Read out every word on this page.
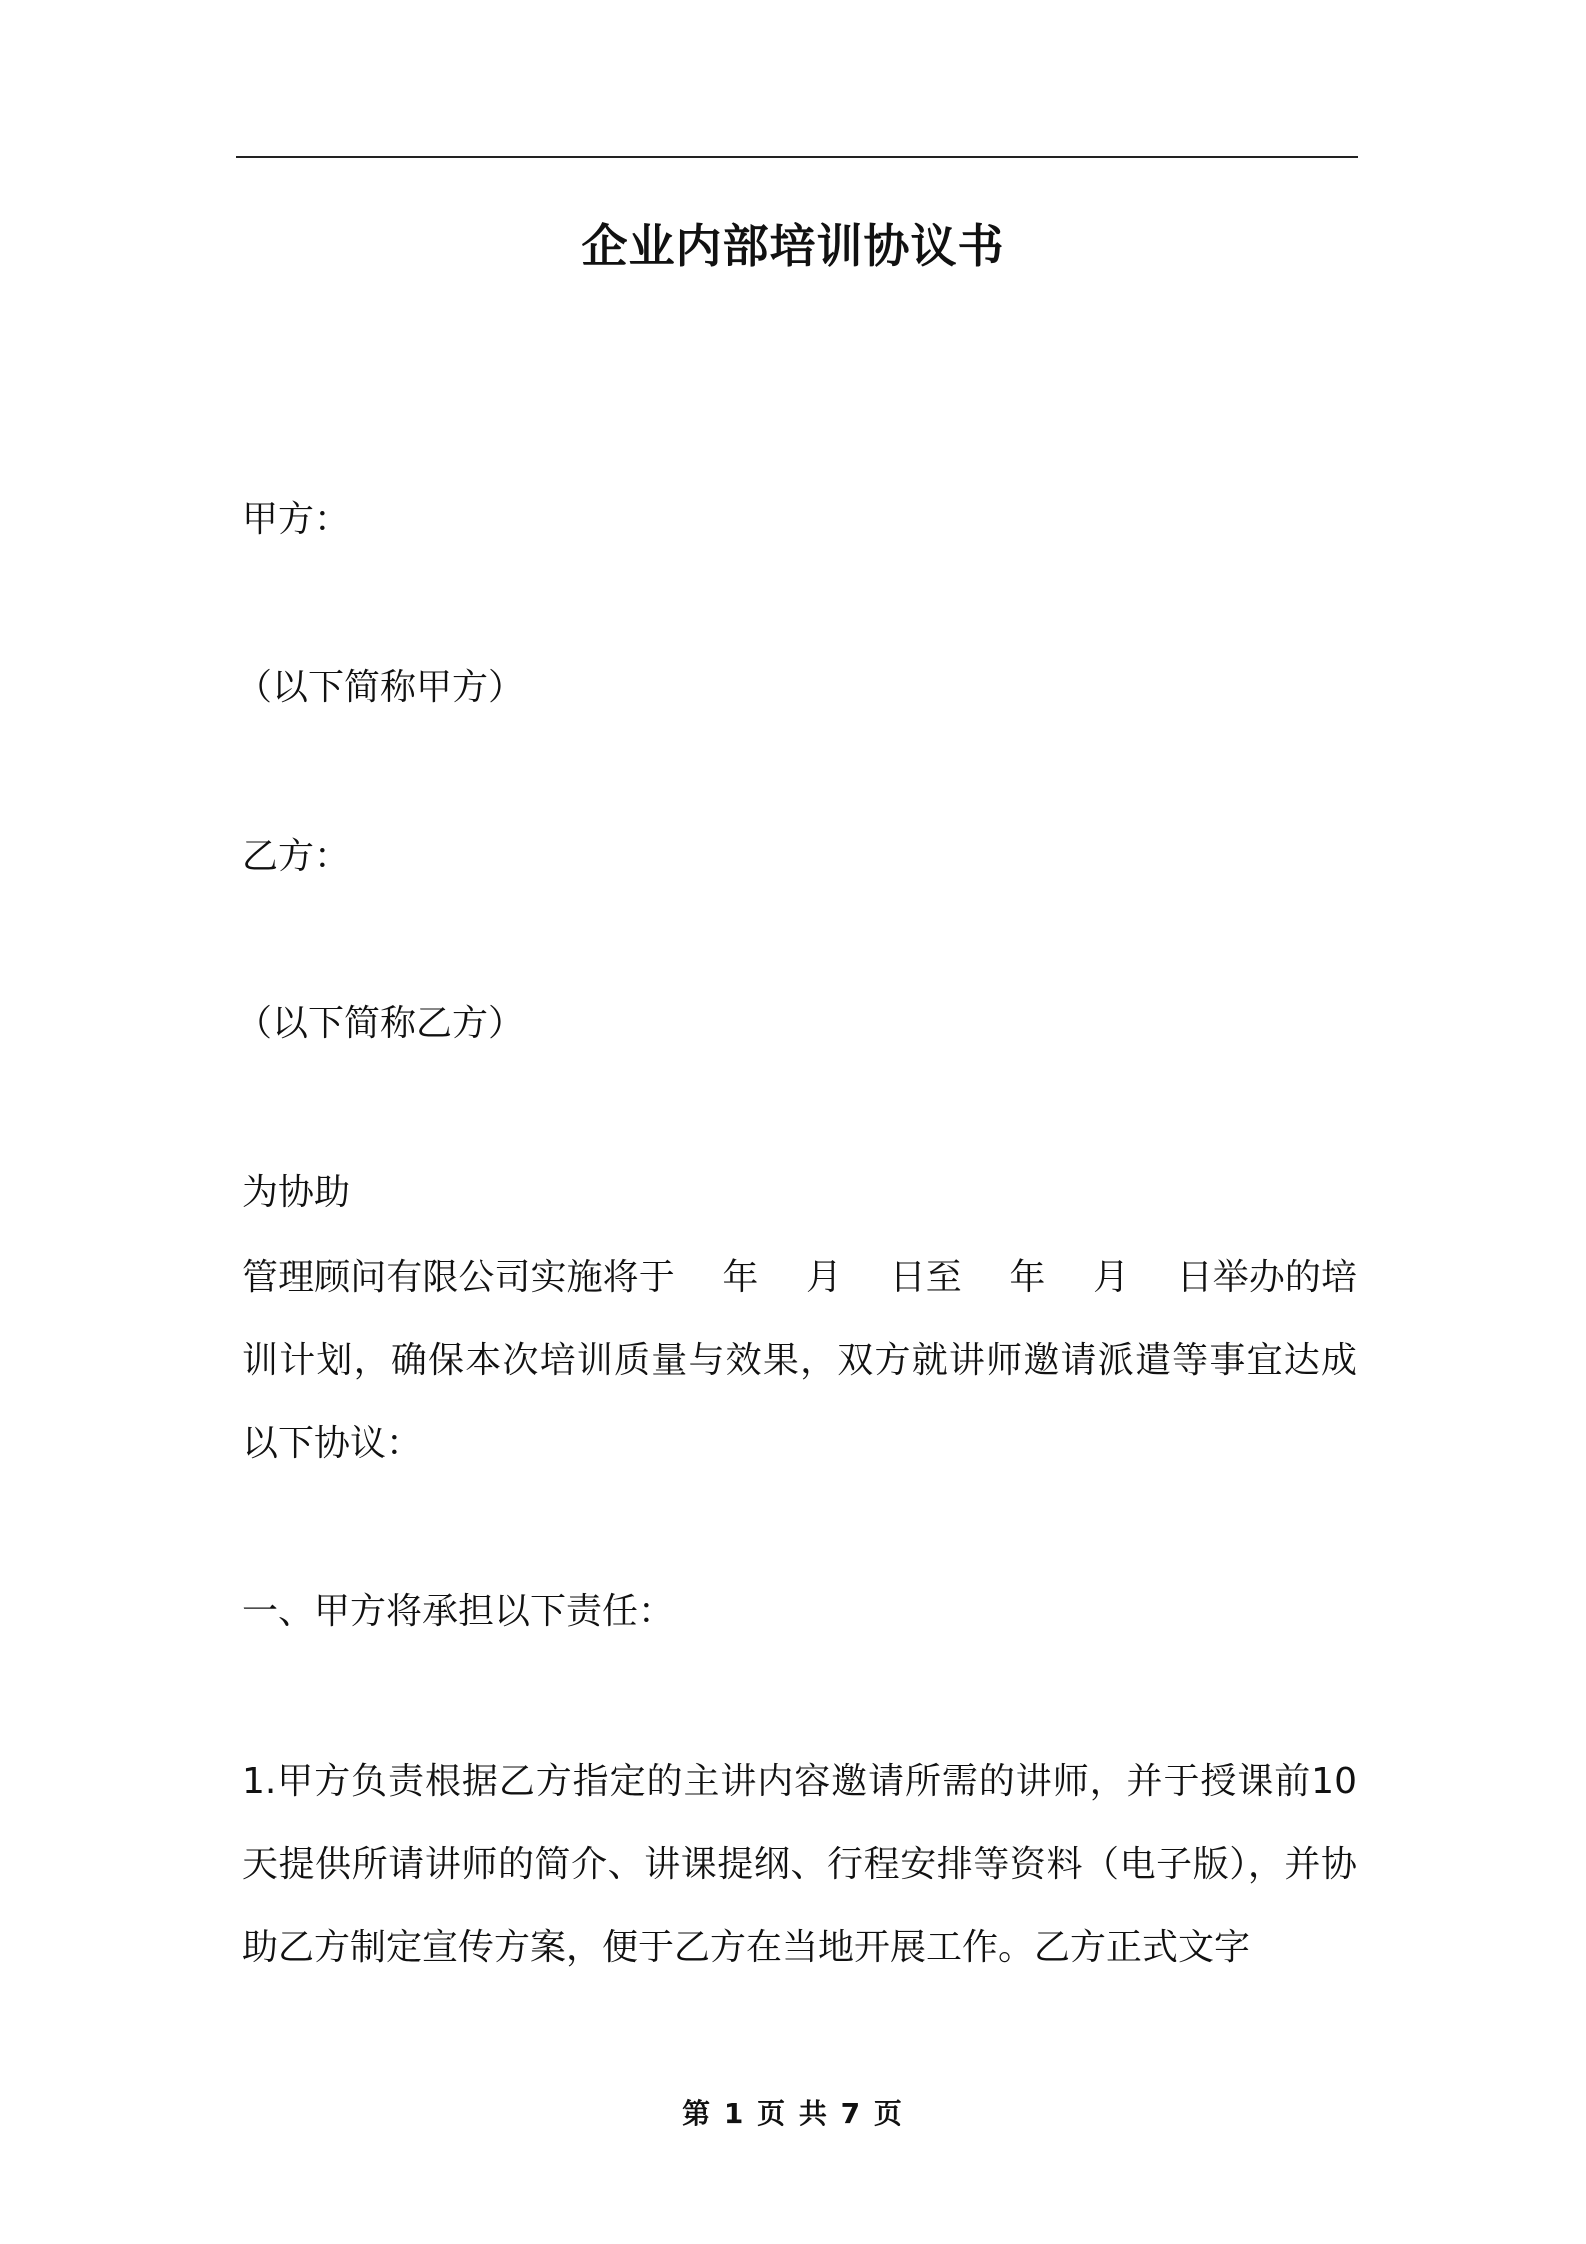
企业内部培训协议书
甲方：
（以下简称甲方）
乙方：
（以下简称乙方）
为协助
管理顾问有限公司实施将于　 年　 月　 日至　 年　 月　 日举办的培训计划，确保本次培训质量与效果，双方就讲师邀请派遣等事宜达成以下协议：
一、甲方将承担以下责任：
1.甲方负责根据乙方指定的主讲内容邀请所需的讲师，并于授课前10 天提供所请讲师的简介、讲课提纲、行程安排等资料（电子版），并协助乙方制定宣传方案，便于乙方在当地开展工作。乙方正式文字
第 1 页 共 7 页
